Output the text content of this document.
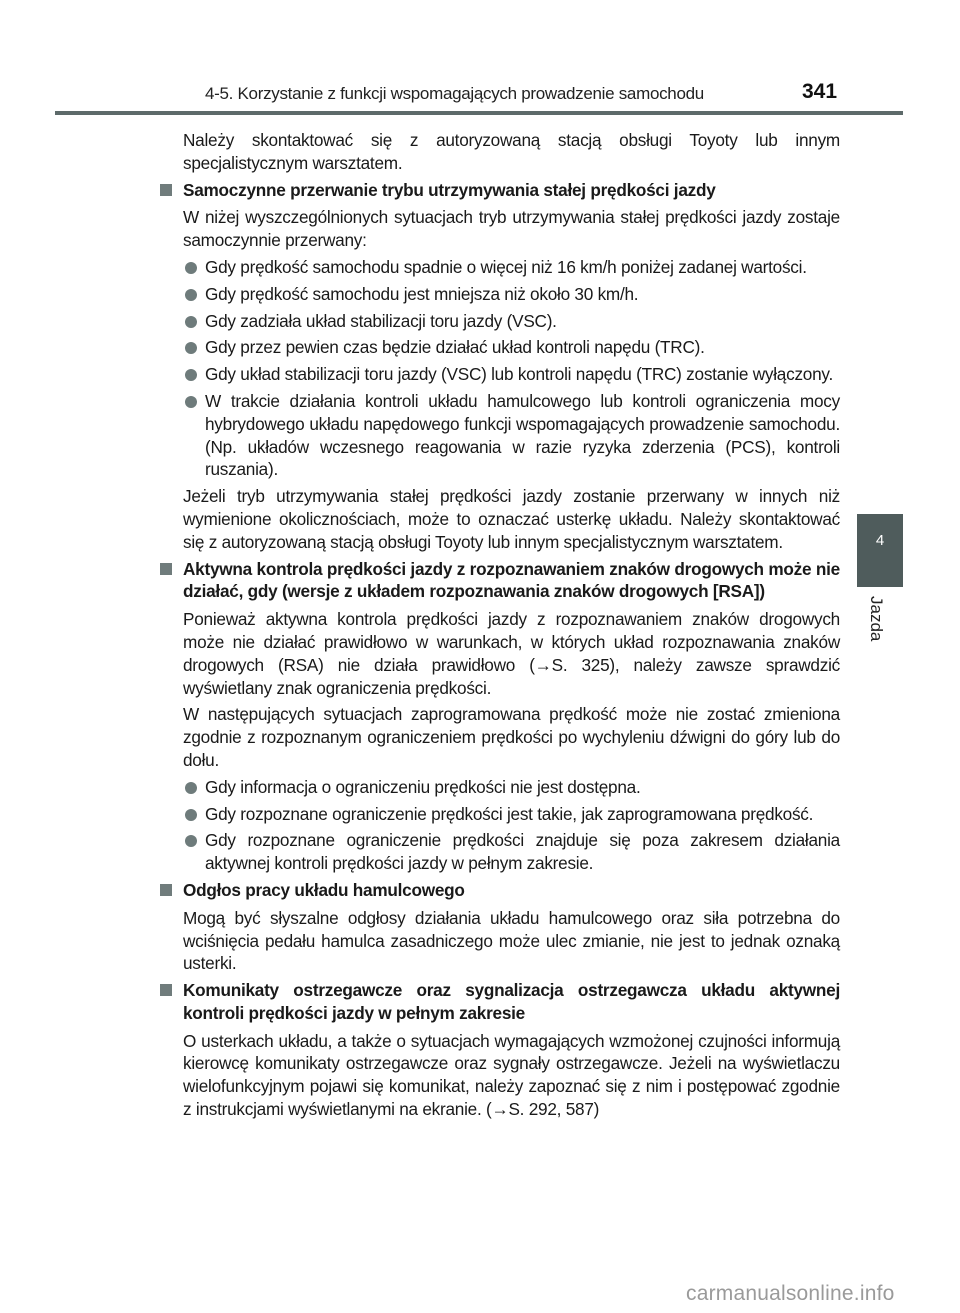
4-5. Korzystanie z funkcji wspomagających prowadzenie samochodu	341
4
Jazda

Należy skontaktować się z autoryzowaną stacją obsługi Toyoty lub innym specjalistycznym warsztatem.

Samoczynne przerwanie trybu utrzymywania stałej prędkości jazdy

W niżej wyszczególnionych sytuacjach tryb utrzymywania stałej prędkości jazdy zostaje samoczynnie przerwany:

Gdy prędkość samochodu spadnie o więcej niż 16 km/h poniżej zadanej wartości.
Gdy prędkość samochodu jest mniejsza niż około 30 km/h.
Gdy zadziała układ stabilizacji toru jazdy (VSC).
Gdy przez pewien czas będzie działać układ kontroli napędu (TRC).
Gdy układ stabilizacji toru jazdy (VSC) lub kontroli napędu (TRC) zostanie wyłączony.
W trakcie działania kontroli układu hamulcowego lub kontroli ograniczenia mocy hybrydowego układu napędowego funkcji wspomagających prowadzenie samochodu. (Np. układów wczesnego reagowania w razie ryzyka zderzenia (PCS), kontroli ruszania).

Jeżeli tryb utrzymywania stałej prędkości jazdy zostanie przerwany w innych niż wymienione okolicznościach, może to oznaczać usterkę układu. Należy skontaktować się z autoryzowaną stacją obsługi Toyoty lub innym specjalistycznym warsztatem.

Aktywna kontrola prędkości jazdy z rozpoznawaniem znaków drogowych może nie działać, gdy (wersje z układem rozpoznawania znaków drogowych [RSA])

Ponieważ aktywna kontrola prędkości jazdy z rozpoznawaniem znaków drogowych może nie działać prawidłowo w warunkach, w których układ rozpoznawania znaków drogowych (RSA) nie działa prawidłowo (→S. 325), należy zawsze sprawdzić wyświetlany znak ograniczenia prędkości.

W następujących sytuacjach zaprogramowana prędkość może nie zostać zmieniona zgodnie z rozpoznanym ograniczeniem prędkości po wychyleniu dźwigni do góry lub do dołu.

Gdy informacja o ograniczeniu prędkości nie jest dostępna.
Gdy rozpoznane ograniczenie prędkości jest takie, jak zaprogramowana prędkość.
Gdy rozpoznane ograniczenie prędkości znajduje się poza zakresem działania aktywnej kontroli prędkości jazdy w pełnym zakresie.
Odgłos pracy układu hamulcowego

Mogą być słyszalne odgłosy działania układu hamulcowego oraz siła potrzebna do wciśnięcia pedału hamulca zasadniczego może ulec zmianie, nie jest to jednak oznaką usterki.

Komunikaty ostrzegawcze oraz sygnalizacja ostrzegawcza układu aktywnej kontroli prędkości jazdy w pełnym zakresie

O usterkach układu, a także o sytuacjach wymagających wzmożonej czujności informują kierowcę komunikaty ostrzegawcze oraz sygnały ostrzegawcze. Jeżeli na wyświetlaczu wielofunkcyjnym pojawi się komunikat, należy zapoznać się z nim i postępować zgodnie z instrukcjami wyświetlanymi na ekranie. (→S. 292, 587)

carmanualsonline.info
